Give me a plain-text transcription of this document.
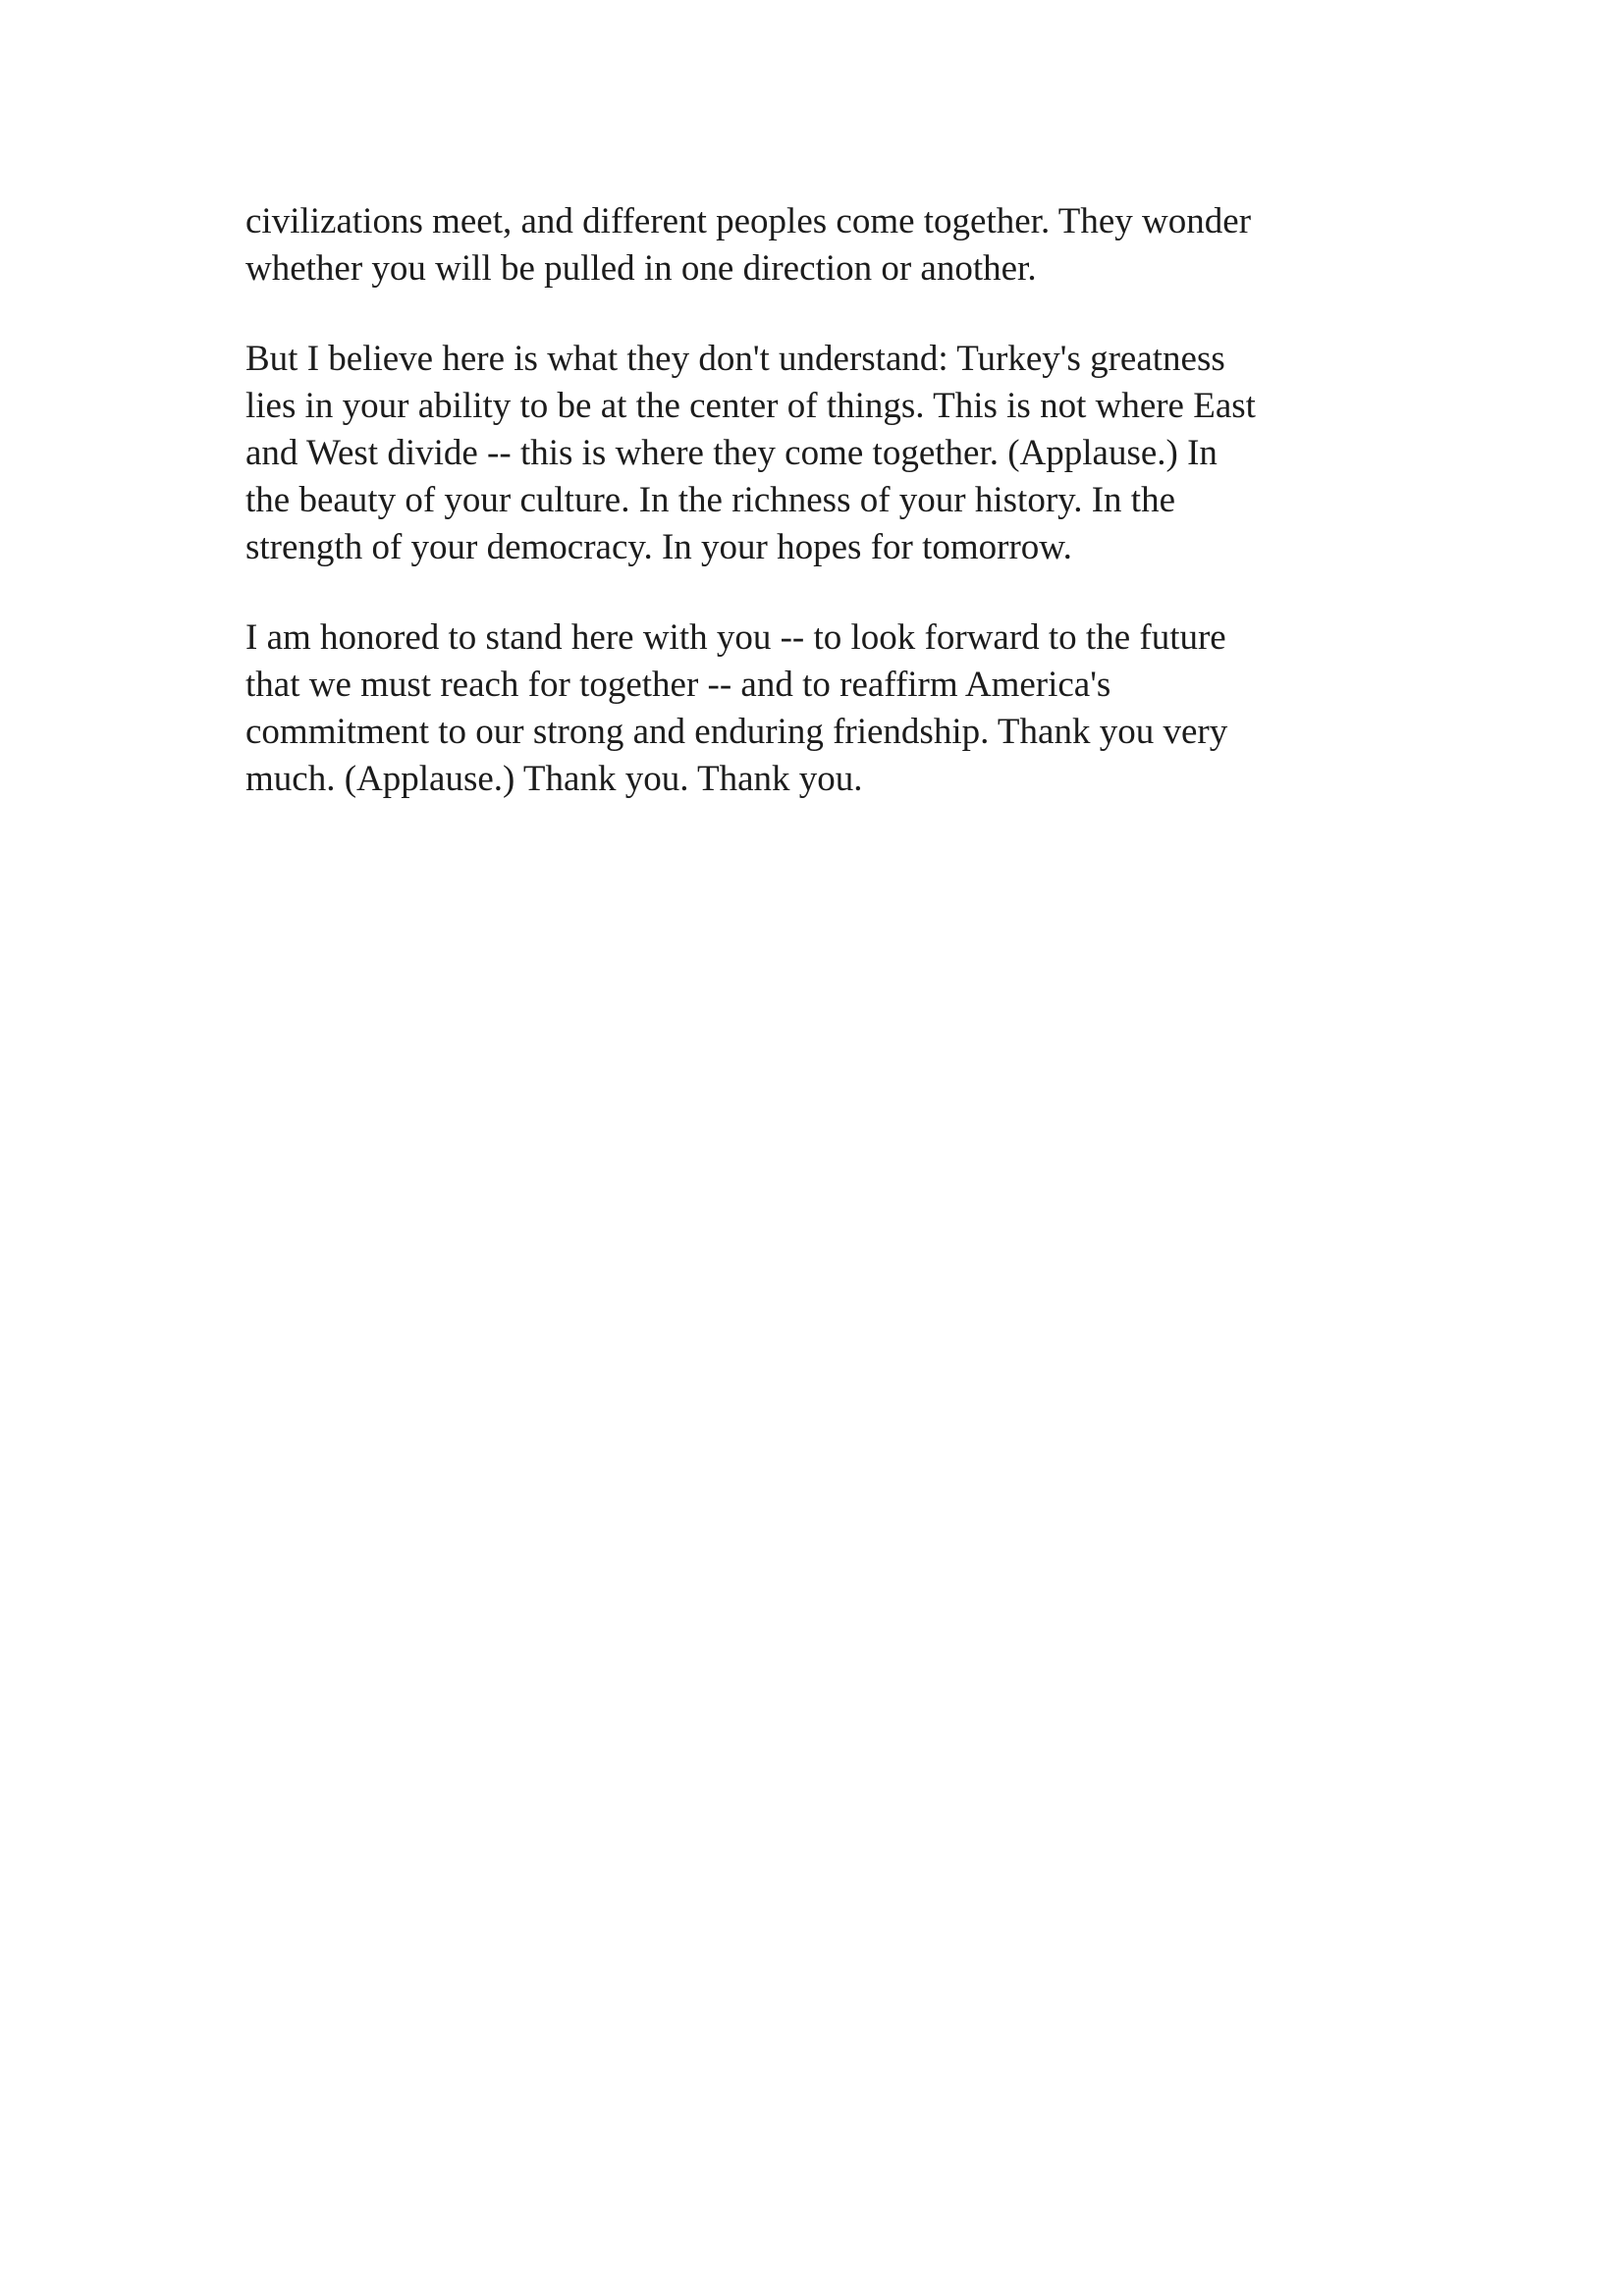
civilizations meet, and different peoples come together. They wonder
whether you will be pulled in one direction or another.

But I believe here is what they don't understand: Turkey's greatness
lies in your ability to be at the center of things. This is not where East
and West divide -- this is where they come together. (Applause.) In
the beauty of your culture. In the richness of your history. In the
strength of your democracy. In your hopes for tomorrow.

I am honored to stand here with you -- to look forward to the future
that we must reach for together -- and to reaffirm America's
commitment to our strong and enduring friendship. Thank you very
much. (Applause.) Thank you. Thank you.
